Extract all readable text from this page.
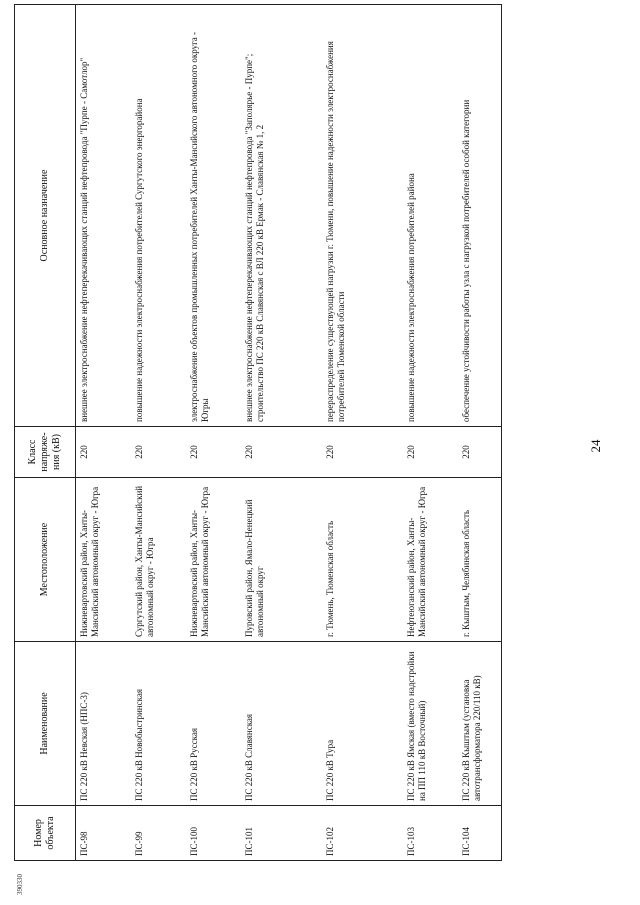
390330
24
Номер объекта	Наименование	Местоположение	Класс напряже-ния (кВ)	Основное назначение
ПС-98	ПС 220 кВ Невская (НПС-3)	Нижневартовский район, Ханты-Мансийский автономный округ - Югра	220	внешнее электроснабжение нефтеперекачивающих станций нефтепровода "Пурпе - Самотлор"
ПС-99	ПС 220 кВ Новобыстринская	Сургутский район, Ханты-Мансийский автономный округ - Югра	220	повышение надежности электроснабжения потребителей Сургутского энергорайона
ПС-100	ПС 220 кВ Русская	Нижневартовский район, Ханты-Мансийский автономный округ - Югра	220	электроснабжение объектов промышленных потребителей Ханты-Мансийского автономного округа - Югры
ПС-101	ПС 220 кВ Славянская	Пуровский район, Ямало-Ненецкий автономный округ	220	внешнее электроснабжение нефтеперекачивающих станций нефтепровода "Заполярье - Пурпе"; строительство ПС 220 кВ Славянская с ВЛ 220 кВ Ермак - Славянская № 1, 2
ПС-102	ПС 220 кВ Тура	г. Тюмень, Тюменская область	220	перераспределение существующей нагрузки г. Тюмени, повышение надежности электроснабжения потребителей Тюменской области
ПС-103	ПС 220 кВ Ямская (вместо надстройки на ПП 110 кВ Восточный)	Нефтеюганский район, Ханты-Мансийский автономный округ - Югра	220	повышение надежности электроснабжения потребителей района
ПС-104	ПС 220 кВ Кыштым (установка автотрансформатора 220/110 кВ)	г. Кыштым, Челябинская область	220	обеспечение устойчивости работы узла с нагрузкой потребителей особой категории
